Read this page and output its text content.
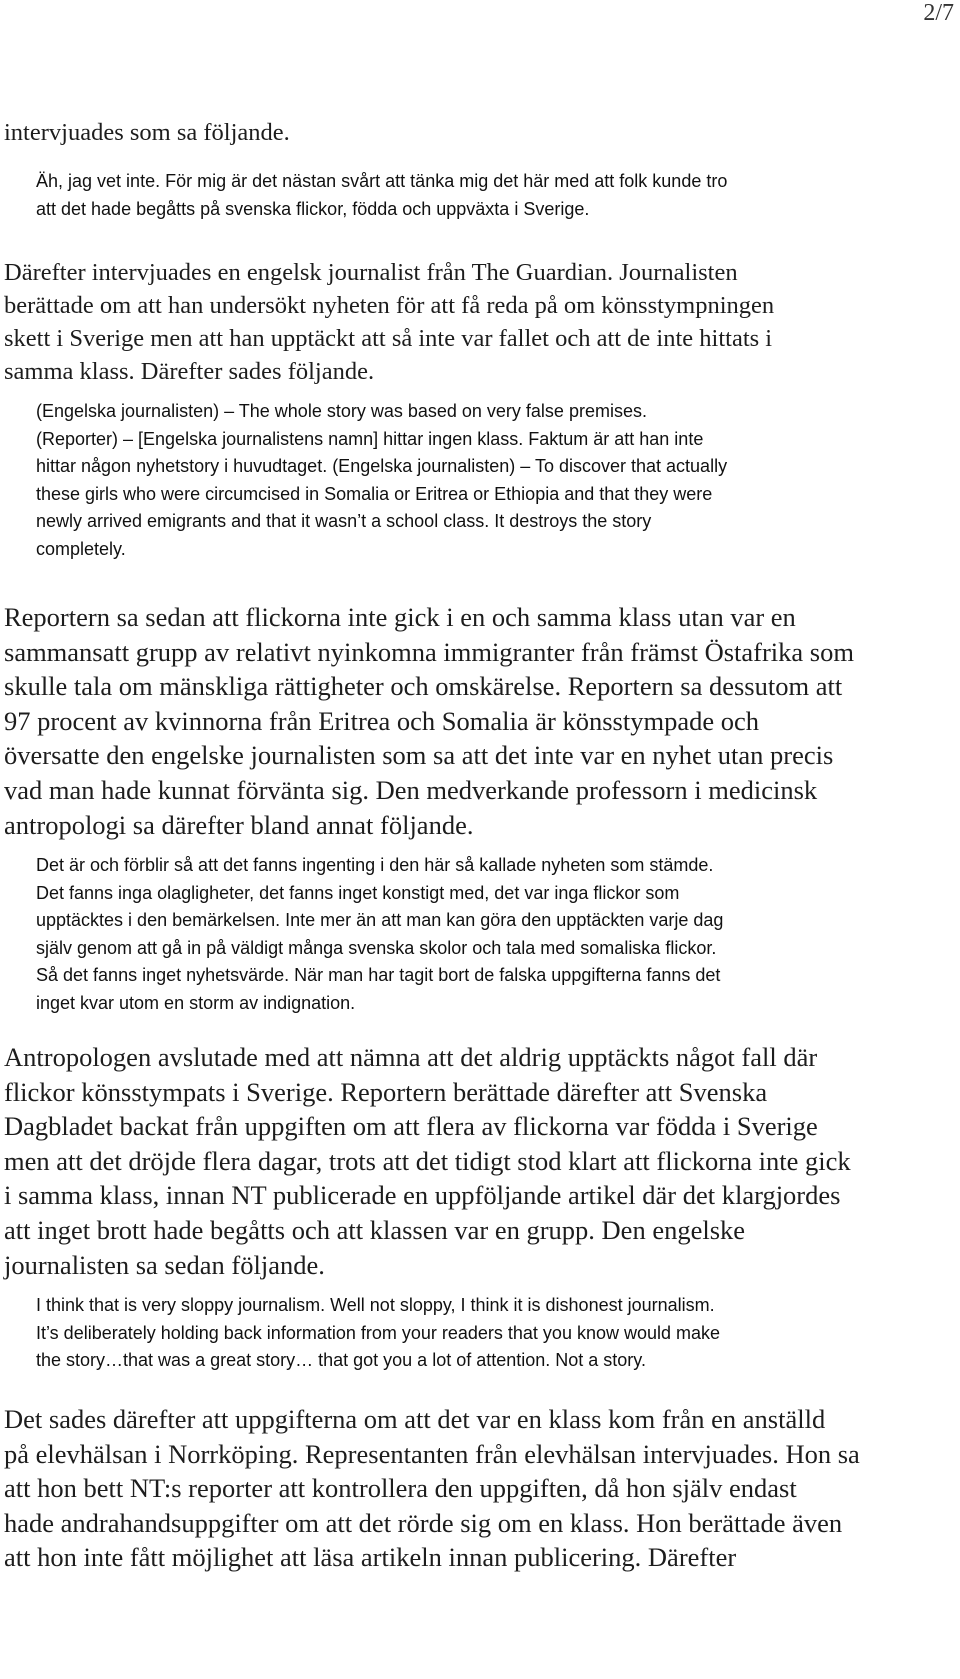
2/7
intervjuades som sa följande.
Äh, jag vet inte. För mig är det nästan svårt att tänka mig det här med att folk kunde tro
att det hade begåtts på svenska flickor, födda och uppväxta i Sverige.
Därefter intervjuades en engelsk journalist från The Guardian. Journalisten
berättade om att han undersökt nyheten för att få reda på om könsstympningen
skett i Sverige men att han upptäckt att så inte var fallet och att de inte hittats i
samma klass. Därefter sades följande.
(Engelska journalisten) – The whole story was based on very false premises.
(Reporter) – [Engelska journalistens namn] hittar ingen klass. Faktum är att han inte
hittar någon nyhetstory i huvudtaget. (Engelska journalisten) – To discover that actually
these girls who were circumcised in Somalia or Eritrea or Ethiopia and that they were
newly arrived emigrants and that it wasn’t a school class. It destroys the story
completely.
Reportern sa sedan att flickorna inte gick i en och samma klass utan var en
sammansatt grupp av relativt nyinkomna immigranter från främst Östafrika som
skulle tala om mänskliga rättigheter och omskärelse. Reportern sa dessutom att
97 procent av kvinnorna från Eritrea och Somalia är könsstympade och
översatte den engelske journalisten som sa att det inte var en nyhet utan precis
vad man hade kunnat förvänta sig. Den medverkande professorn i medicinsk
antropologi sa därefter bland annat följande.
Det är och förblir så att det fanns ingenting i den här så kallade nyheten som stämde.
Det fanns inga olagligheter, det fanns inget konstigt med, det var inga flickor som
upptäcktes i den bemärkelsen. Inte mer än att man kan göra den upptäckten varje dag
själv genom att gå in på väldigt många svenska skolor och tala med somaliska flickor.
Så det fanns inget nyhetsvärde. När man har tagit bort de falska uppgifterna fanns det
inget kvar utom en storm av indignation.
Antropologen avslutade med att nämna att det aldrig upptäckts något fall där
flickor könsstympats i Sverige. Reportern berättade därefter att Svenska
Dagbladet backat från uppgiften om att flera av flickorna var födda i Sverige
men att det dröjde flera dagar, trots att det tidigt stod klart att flickorna inte gick
i samma klass, innan NT publicerade en uppföljande artikel där det klargjordes
att inget brott hade begåtts och att klassen var en grupp. Den engelske
journalisten sa sedan följande.
I think that is very sloppy journalism. Well not sloppy, I think it is dishonest journalism.
It’s deliberately holding back information from your readers that you know would make
the story…that was a great story… that got you a lot of attention. Not a story.
Det sades därefter att uppgifterna om att det var en klass kom från en anställd
på elevhälsan i Norrköping. Representanten från elevhälsan intervjuades. Hon sa
att hon bett NT:s reporter att kontrollera den uppgiften, då hon själv endast
hade andrahandsuppgifter om att det rörde sig om en klass. Hon berättade även
att hon inte fått möjlighet att läsa artikeln innan publicering. Därefter
